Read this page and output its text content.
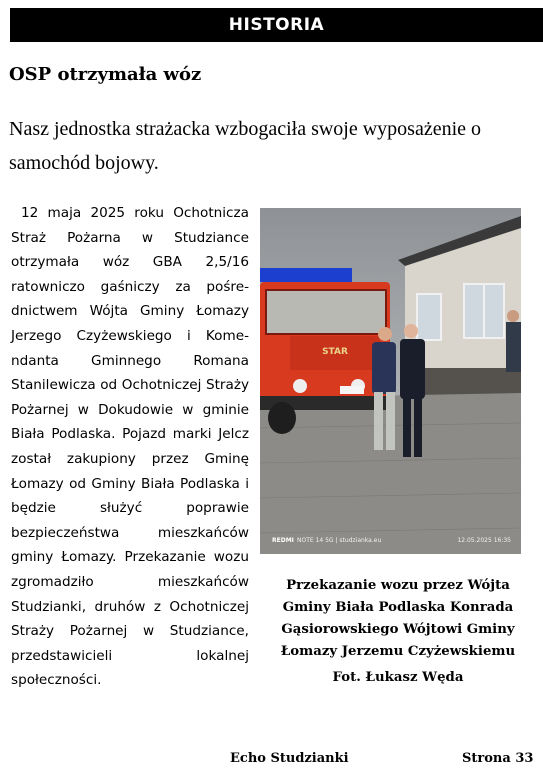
HISTORIA
OSP otrzymała wóz
Nasz jednostka strażacka wzbogaciła swoje wyposażenie o samochód bojowy.

12 maja 2025 roku Ochotnicza Straż Pożarna w Studziance otrzymała wóz GBA 2,5/16 ratowniczo gaśniczy za pośrednictwem Wójta Gminy Łomazy Jerzego Czyżewskiego i Komendanta Gminnego Romana Stanilewicza od Ochotniczej Straży Pożarnej w Dokudowie w gminie Biała Podlaska. Pojazd marki Jelcz został zakupiony przez Gminę Łomazy od Gminy Biała Podlaska i będzie służyć poprawie bezpieczeństwa mieszkańców gminy Łomazy. Przekazanie wozu zgromadziło mieszkańców Studzianki, druhów z Ochotniczej Straży Pożarnej w Studziance, przedstawicieli lokalnej społeczności.

STAR
REDMI NOTE 14 5G | studzianka.eu	12.05.2025 16:35
Przekazanie wozu przez Wójta Gminy Biała Podlaska Konrada Gąsiorowskiego Wójtowi Gminy Łomazy Jerzemu Czyżewskiemu
Fot. Łukasz Węda
Echo Studzianki	Strona 33
